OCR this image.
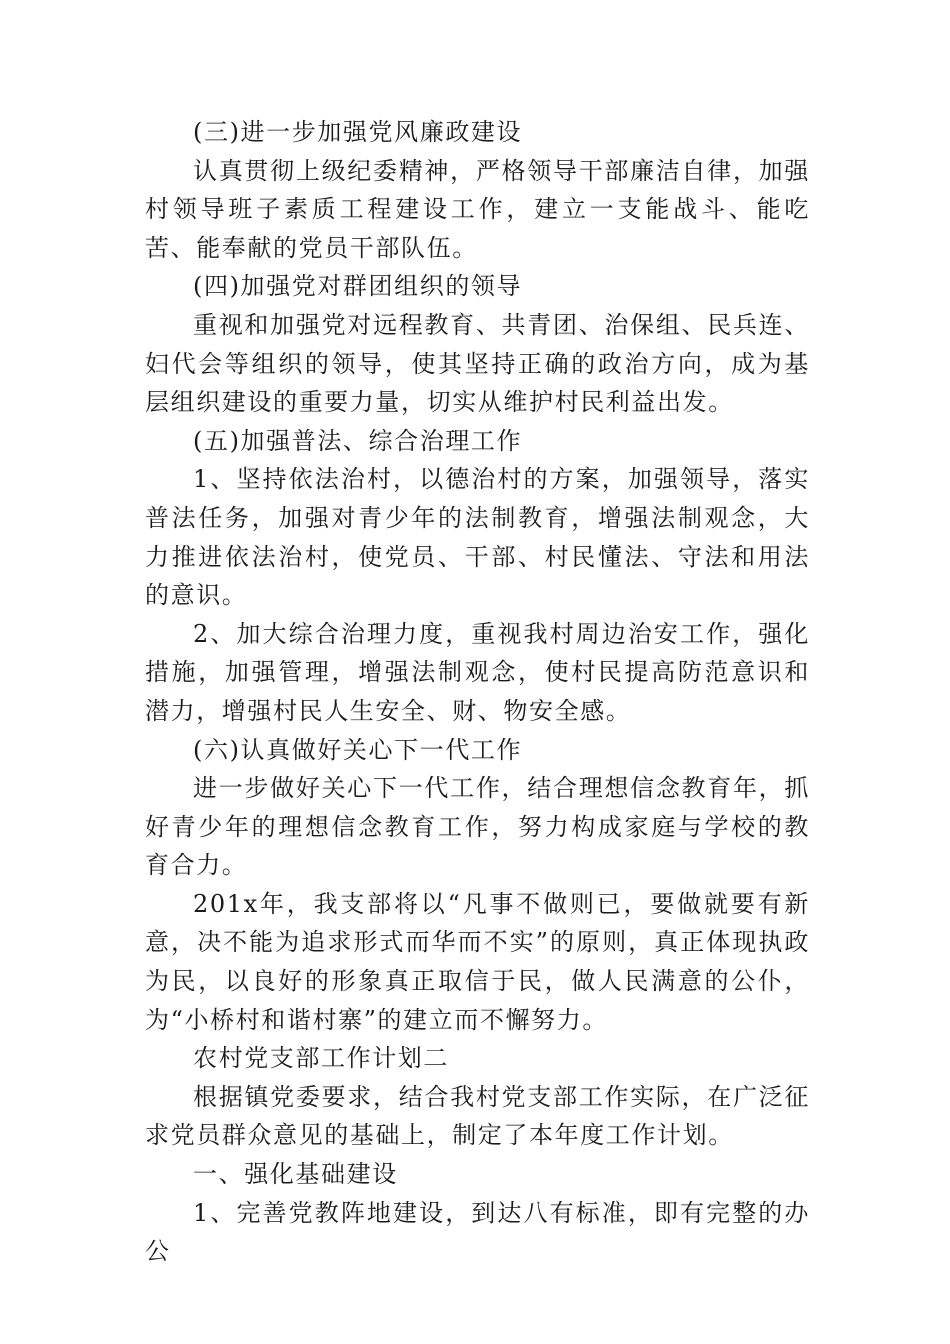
(三)进一步加强党风廉政建设

认真贯彻上级纪委精神，严格领导干部廉洁自律，加强村领导班子素质工程建设工作，建立一支能战斗、能吃苦、能奉献的党员干部队伍。

(四)加强党对群团组织的领导

重视和加强党对远程教育、共青团、治保组、民兵连、妇代会等组织的领导，使其坚持正确的政治方向，成为基层组织建设的重要力量，切实从维护村民利益出发。

(五)加强普法、综合治理工作

1、坚持依法治村，以德治村的方案，加强领导，落实普法任务，加强对青少年的法制教育，增强法制观念，大力推进依法治村，使党员、干部、村民懂法、守法和用法的意识。

2、加大综合治理力度，重视我村周边治安工作，强化措施，加强管理，增强法制观念，使村民提高防范意识和潜力，增强村民人生安全、财、物安全感。

(六)认真做好关心下一代工作

进一步做好关心下一代工作，结合理想信念教育年，抓好青少年的理想信念教育工作，努力构成家庭与学校的教育合力。

201x年，我支部将以“凡事不做则已，要做就要有新意，决不能为追求形式而华而不实”的原则，真正体现执政为民，以良好的形象真正取信于民，做人民满意的公仆，为“小桥村和谐村寨”的建立而不懈努力。

农村党支部工作计划二

根据镇党委要求，结合我村党支部工作实际，在广泛征求党员群众意见的基础上，制定了本年度工作计划。

一、强化基础建设

1、完善党教阵地建设，到达八有标准，即有完整的办公
